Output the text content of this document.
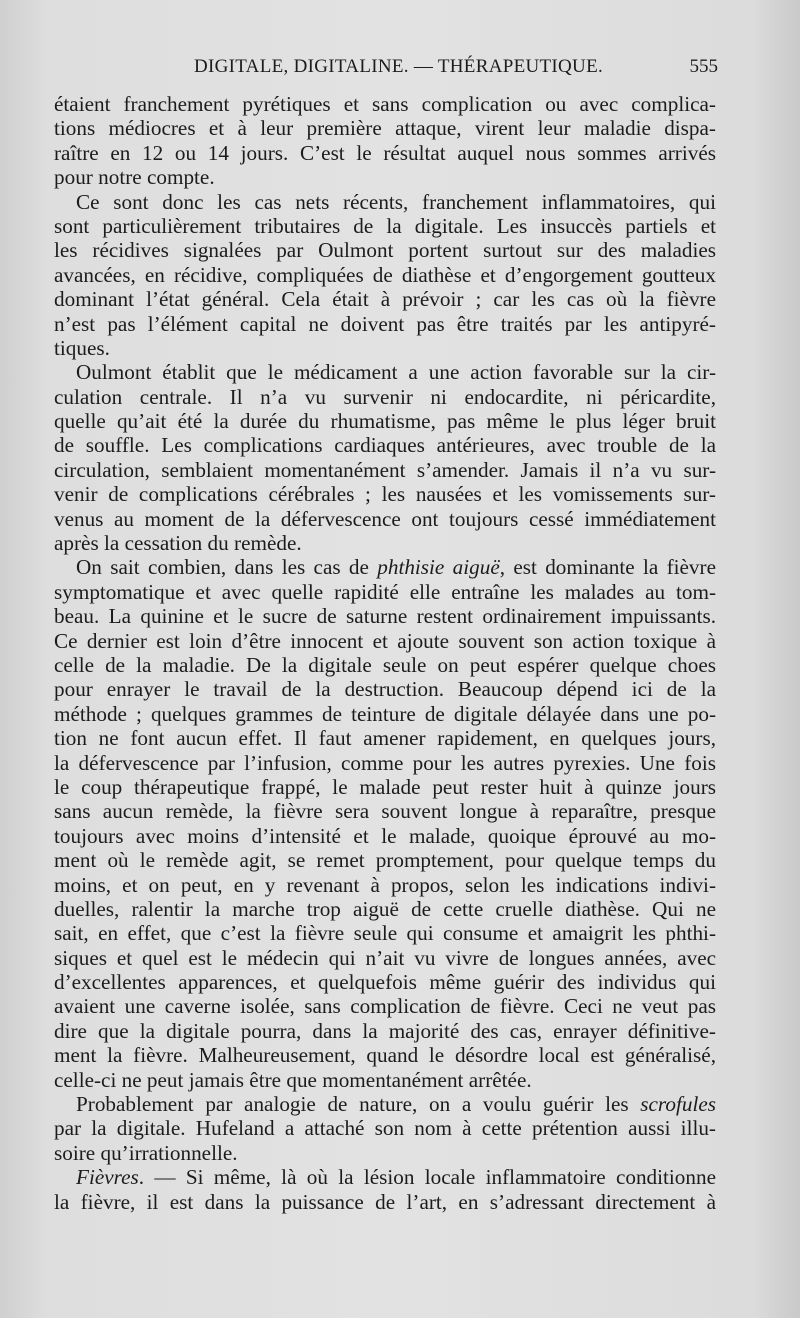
DIGITALE, DIGITALINE. — THÉRAPEUTIQUE.	555
étaient franchement pyrétiques et sans complication ou avec complica-
tions médiocres et à leur première attaque, virent leur maladie dispa-
raître en 12 ou 14 jours. C’est le résultat auquel nous sommes arrivés
pour notre compte.
Ce sont donc les cas nets récents, franchement inflammatoires, qui
sont particulièrement tributaires de la digitale. Les insuccès partiels et
les récidives signalées par Oulmont portent surtout sur des maladies
avancées, en récidive, compliquées de diathèse et d’engorgement goutteux
dominant l’état général. Cela était à prévoir ; car les cas où la fièvre
n’est pas l’élément capital ne doivent pas être traités par les antipyré-
tiques.
Oulmont établit que le médicament a une action favorable sur la cir-
culation centrale. Il n’a vu survenir ni endocardite, ni péricardite,
quelle qu’ait été la durée du rhumatisme, pas même le plus léger bruit
de souffle. Les complications cardiaques antérieures, avec trouble de la
circulation, semblaient momentanément s’amender. Jamais il n’a vu sur-
venir de complications cérébrales ; les nausées et les vomissements sur-
venus au moment de la défervescence ont toujours cessé immédiatement
après la cessation du remède.
On sait combien, dans les cas de phthisie aiguë, est dominante la fièvre
symptomatique et avec quelle rapidité elle entraîne les malades au tom-
beau. La quinine et le sucre de saturne restent ordinairement impuissants.
Ce dernier est loin d’être innocent et ajoute souvent son action toxique à
celle de la maladie. De la digitale seule on peut espérer quelque choes
pour enrayer le travail de la destruction. Beaucoup dépend ici de la
méthode ; quelques grammes de teinture de digitale délayée dans une po-
tion ne font aucun effet. Il faut amener rapidement, en quelques jours,
la défervescence par l’infusion, comme pour les autres pyrexies. Une fois
le coup thérapeutique frappé, le malade peut rester huit à quinze jours
sans aucun remède, la fièvre sera souvent longue à reparaître, presque
toujours avec moins d’intensité et le malade, quoique éprouvé au mo-
ment où le remède agit, se remet promptement, pour quelque temps du
moins, et on peut, en y revenant à propos, selon les indications indivi-
duelles, ralentir la marche trop aiguë de cette cruelle diathèse. Qui ne
sait, en effet, que c’est la fièvre seule qui consume et amaigrit les phthi-
siques et quel est le médecin qui n’ait vu vivre de longues années, avec
d’excellentes apparences, et quelquefois même guérir des individus qui
avaient une caverne isolée, sans complication de fièvre. Ceci ne veut pas
dire que la digitale pourra, dans la majorité des cas, enrayer définitive-
ment la fièvre. Malheureusement, quand le désordre local est généralisé,
celle-ci ne peut jamais être que momentanément arrêtée.
Probablement par analogie de nature, on a voulu guérir les scrofules
par la digitale. Hufeland a attaché son nom à cette prétention aussi illu-
soire qu’irrationnelle.
Fièvres. — Si même, là où la lésion locale inflammatoire conditionne
la fièvre, il est dans la puissance de l’art, en s’adressant directement à
